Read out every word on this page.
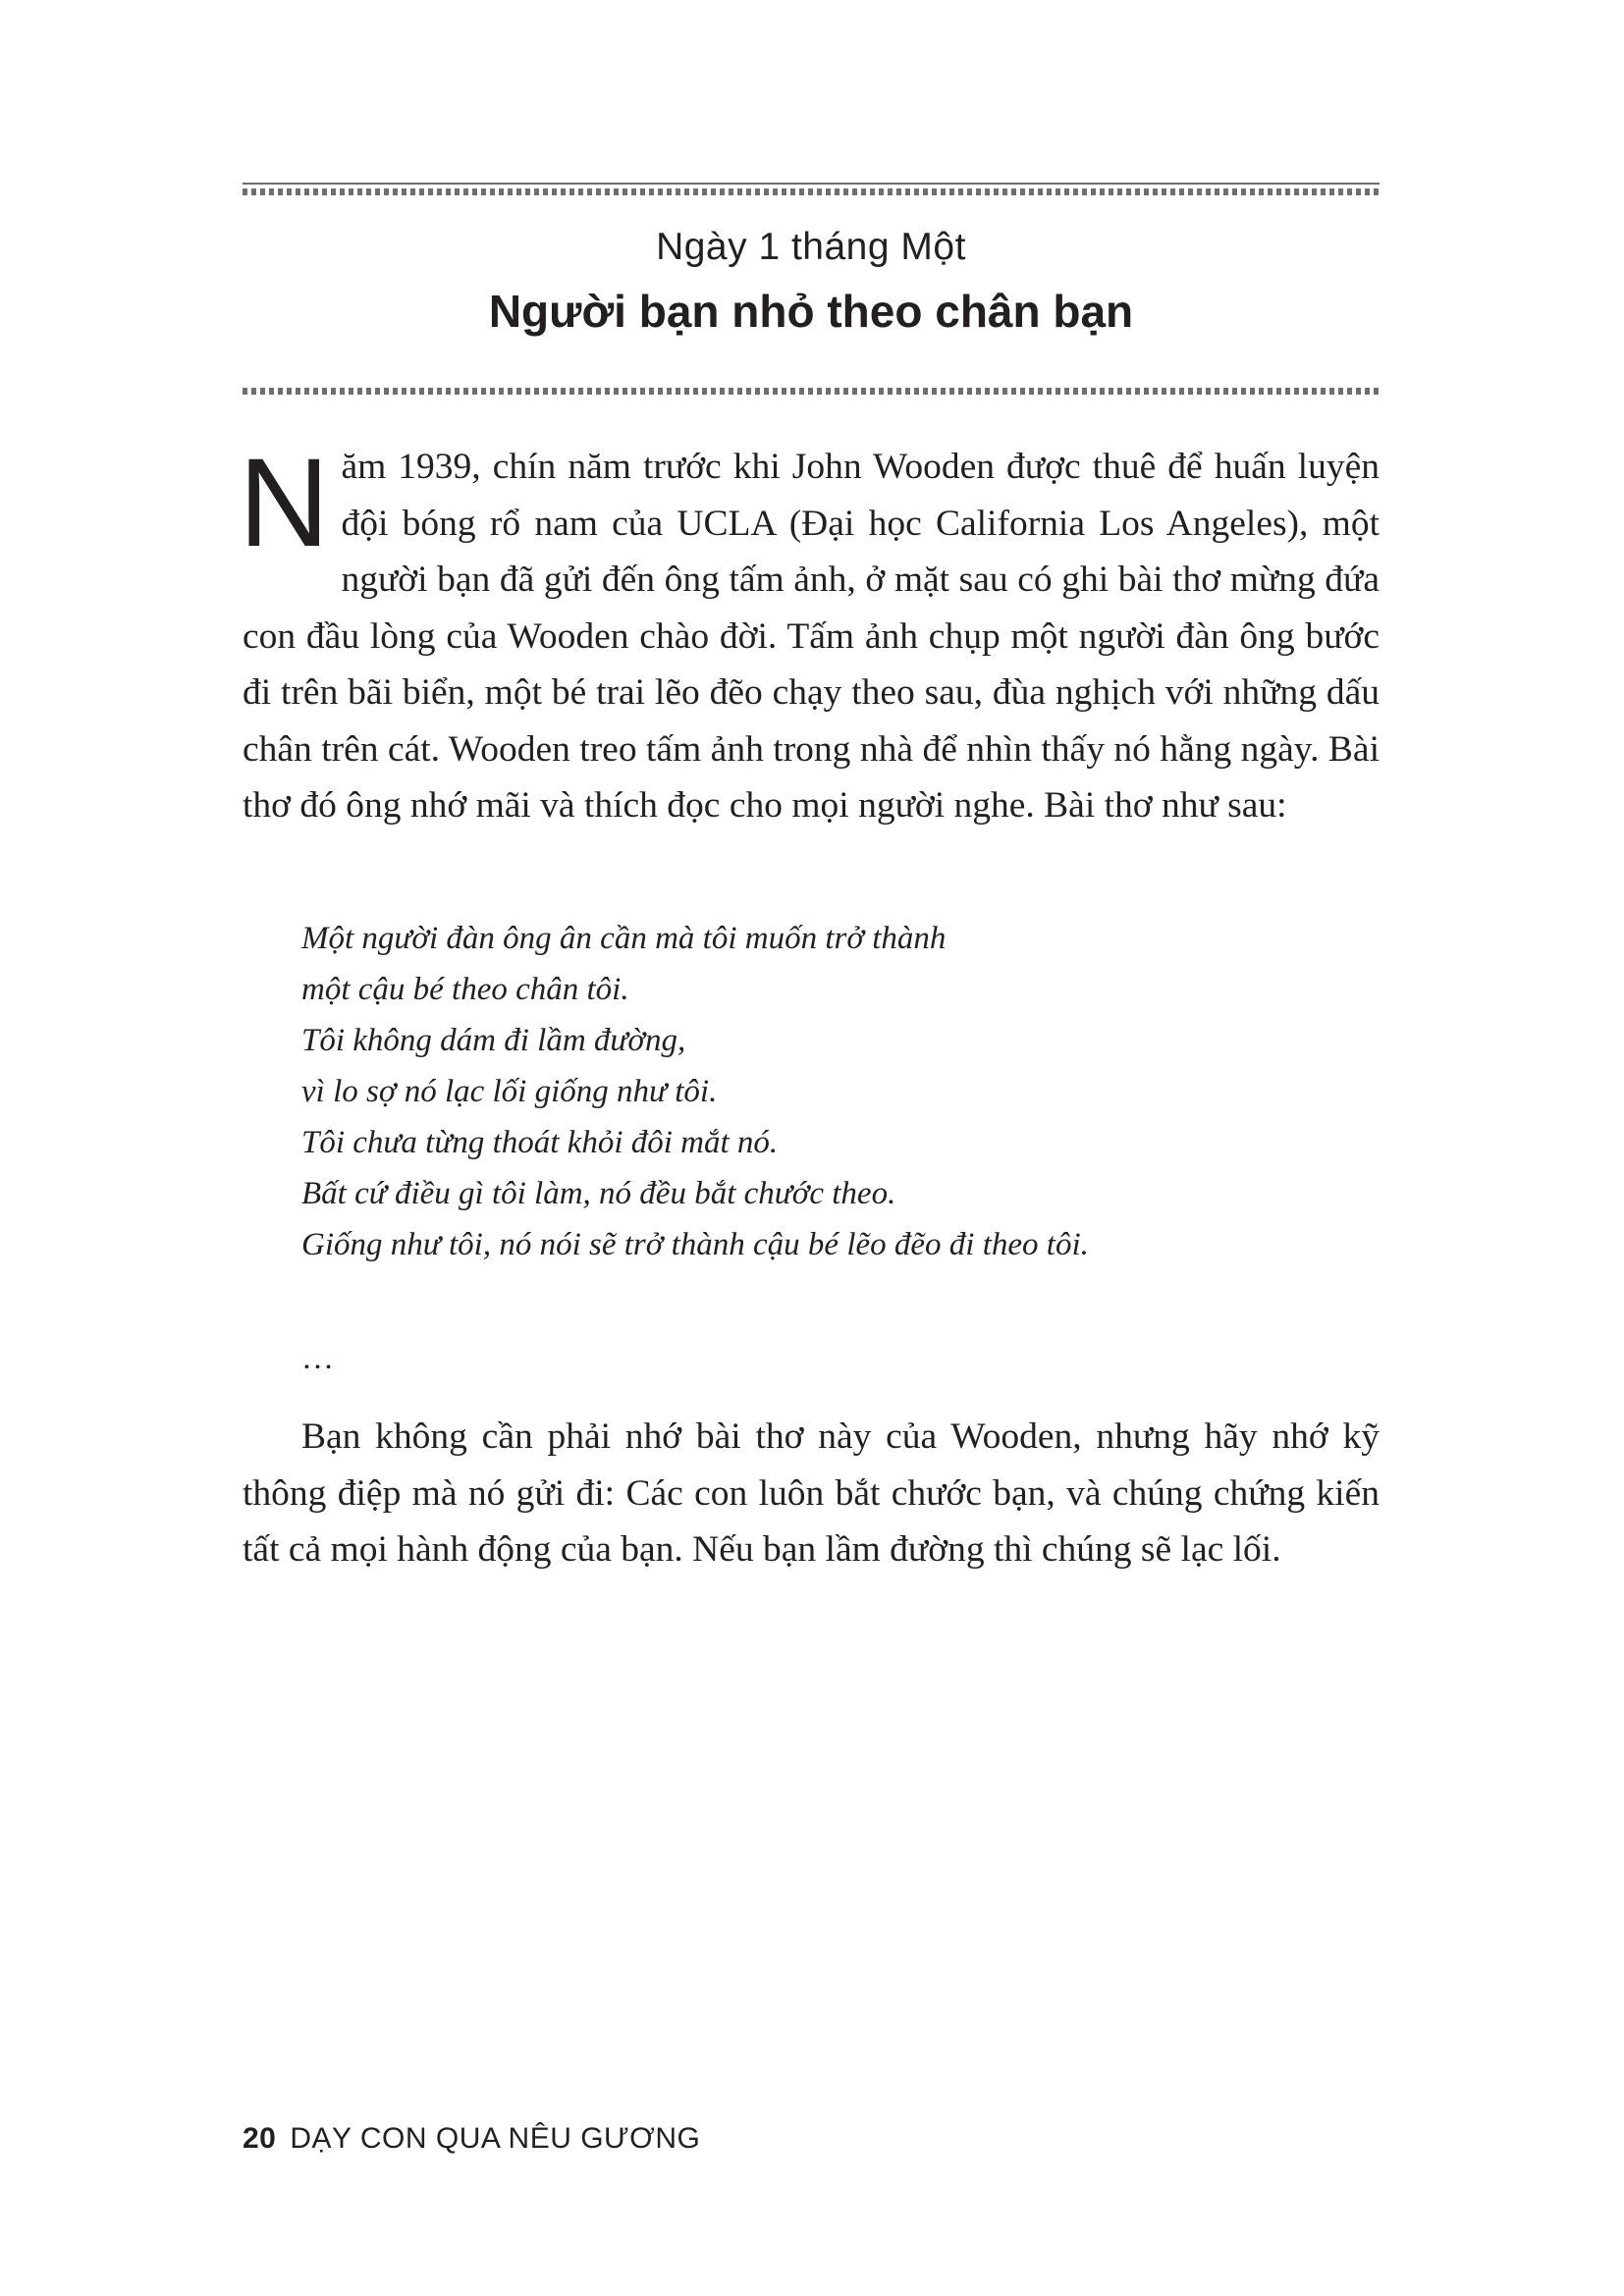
Ngày 1 tháng Một
Người bạn nhỏ theo chân bạn
Năm 1939, chín năm trước khi John Wooden được thuê để huấn luyện đội bóng rổ nam của UCLA (Đại học California Los Angeles), một người bạn đã gửi đến ông tấm ảnh, ở mặt sau có ghi bài thơ mừng đứa con đầu lòng của Wooden chào đời. Tấm ảnh chụp một người đàn ông bước đi trên bãi biển, một bé trai lẽo đẽo chạy theo sau, đùa nghịch với những dấu chân trên cát. Wooden treo tấm ảnh trong nhà để nhìn thấy nó hằng ngày. Bài thơ đó ông nhớ mãi và thích đọc cho mọi người nghe. Bài thơ như sau:
Một người đàn ông ân cần mà tôi muốn trở thành
một cậu bé theo chân tôi.
Tôi không dám đi lầm đường,
vì lo sợ nó lạc lối giống như tôi.
Tôi chưa từng thoát khỏi đôi mắt nó.
Bất cứ điều gì tôi làm, nó đều bắt chước theo.
Giống như tôi, nó nói sẽ trở thành cậu bé lẽo đẽo đi theo tôi.
…
Bạn không cần phải nhớ bài thơ này của Wooden, nhưng hãy nhớ kỹ thông điệp mà nó gửi đi: Các con luôn bắt chước bạn, và chúng chứng kiến tất cả mọi hành động của bạn. Nếu bạn lầm đường thì chúng sẽ lạc lối.
20 DẠY CON QUA NÊU GƯƠNG
